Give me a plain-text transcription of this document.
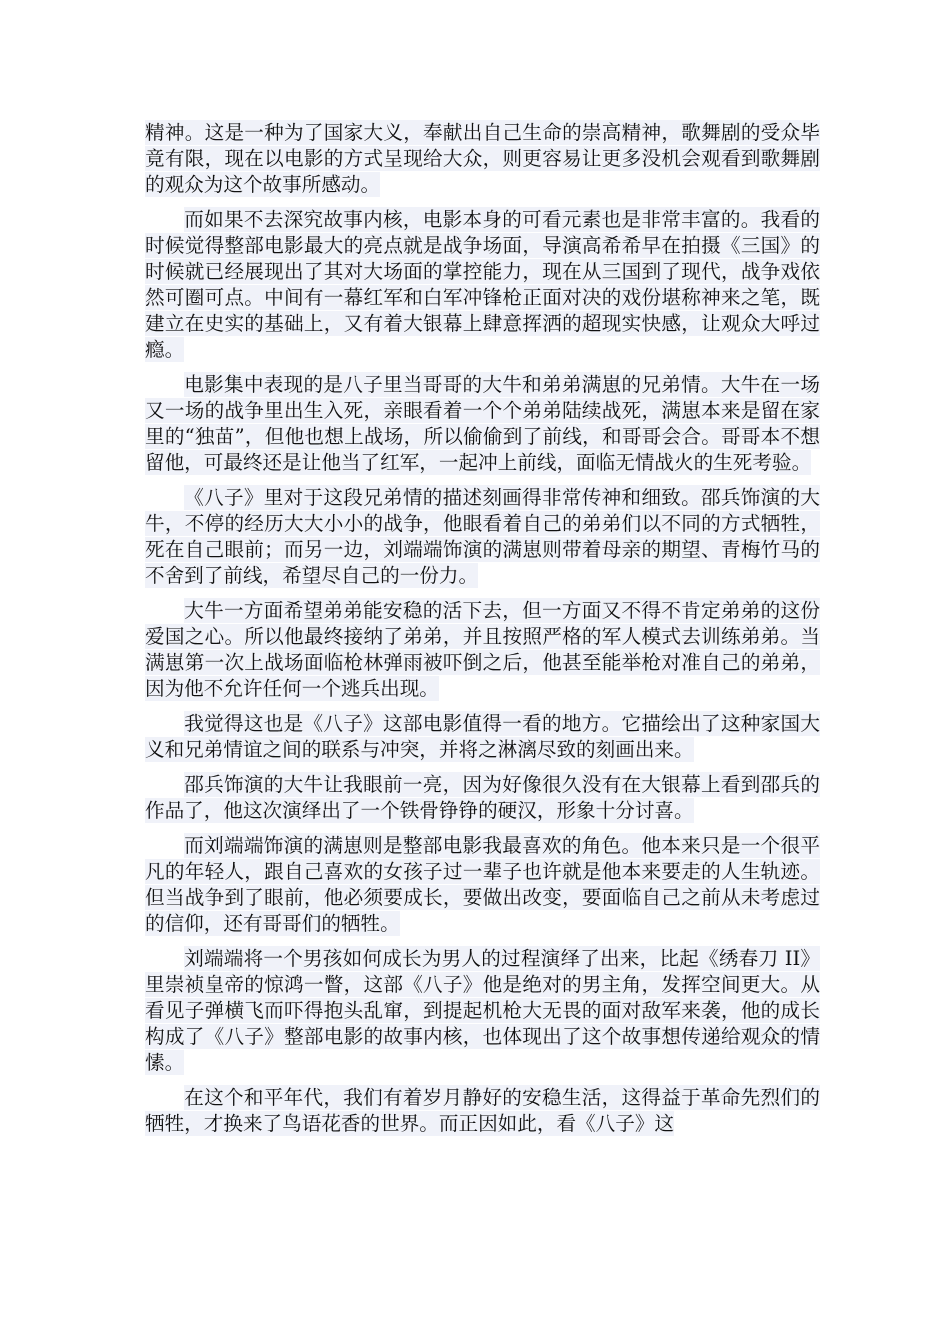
精神。这是一种为了国家大义，奉献出自己生命的崇高精神，歌舞剧的受众毕竟有限，现在以电影的方式呈现给大众，则更容易让更多没机会观看到歌舞剧的观众为这个故事所感动。

而如果不去深究故事内核，电影本身的可看元素也是非常丰富的。我看的时候觉得整部电影最大的亮点就是战争场面，导演高希希早在拍摄《三国》的时候就已经展现出了其对大场面的掌控能力，现在从三国到了现代，战争戏依然可圈可点。中间有一幕红军和白军冲锋枪正面对决的戏份堪称神来之笔，既建立在史实的基础上，又有着大银幕上肆意挥洒的超现实快感，让观众大呼过瘾。

电影集中表现的是八子里当哥哥的大牛和弟弟满崽的兄弟情。大牛在一场又一场的战争里出生入死，亲眼看着一个个弟弟陆续战死，满崽本来是留在家里的“独苗”，但他也想上战场，所以偷偷到了前线，和哥哥会合。哥哥本不想留他，可最终还是让他当了红军，一起冲上前线，面临无情战火的生死考验。

《八子》里对于这段兄弟情的描述刻画得非常传神和细致。邵兵饰演的大牛，不停的经历大大小小的战争，他眼看着自己的弟弟们以不同的方式牺牲，死在自己眼前；而另一边，刘端端饰演的满崽则带着母亲的期望、青梅竹马的不舍到了前线，希望尽自己的一份力。

大牛一方面希望弟弟能安稳的活下去，但一方面又不得不肯定弟弟的这份爱国之心。所以他最终接纳了弟弟，并且按照严格的军人模式去训练弟弟。当满崽第一次上战场面临枪林弹雨被吓倒之后，他甚至能举枪对准自己的弟弟，因为他不允许任何一个逃兵出现。

我觉得这也是《八子》这部电影值得一看的地方。它描绘出了这种家国大义和兄弟情谊之间的联系与冲突，并将之淋漓尽致的刻画出来。

邵兵饰演的大牛让我眼前一亮，因为好像很久没有在大银幕上看到邵兵的作品了，他这次演绎出了一个铁骨铮铮的硬汉，形象十分讨喜。

而刘端端饰演的满崽则是整部电影我最喜欢的角色。他本来只是一个很平凡的年轻人，跟自己喜欢的女孩子过一辈子也许就是他本来要走的人生轨迹。但当战争到了眼前，他必须要成长，要做出改变，要面临自己之前从未考虑过的信仰，还有哥哥们的牺牲。

刘端端将一个男孩如何成长为男人的过程演绎了出来，比起《绣春刀 II》里崇祯皇帝的惊鸿一瞥，这部《八子》他是绝对的男主角，发挥空间更大。从看见子弹横飞而吓得抱头乱窜，到提起机枪大无畏的面对敌军来袭，他的成长构成了《八子》整部电影的故事内核，也体现出了这个故事想传递给观众的情愫。

在这个和平年代，我们有着岁月静好的安稳生活，这得益于革命先烈们的牺牲，才换来了鸟语花香的世界。而正因如此，看《八子》这
